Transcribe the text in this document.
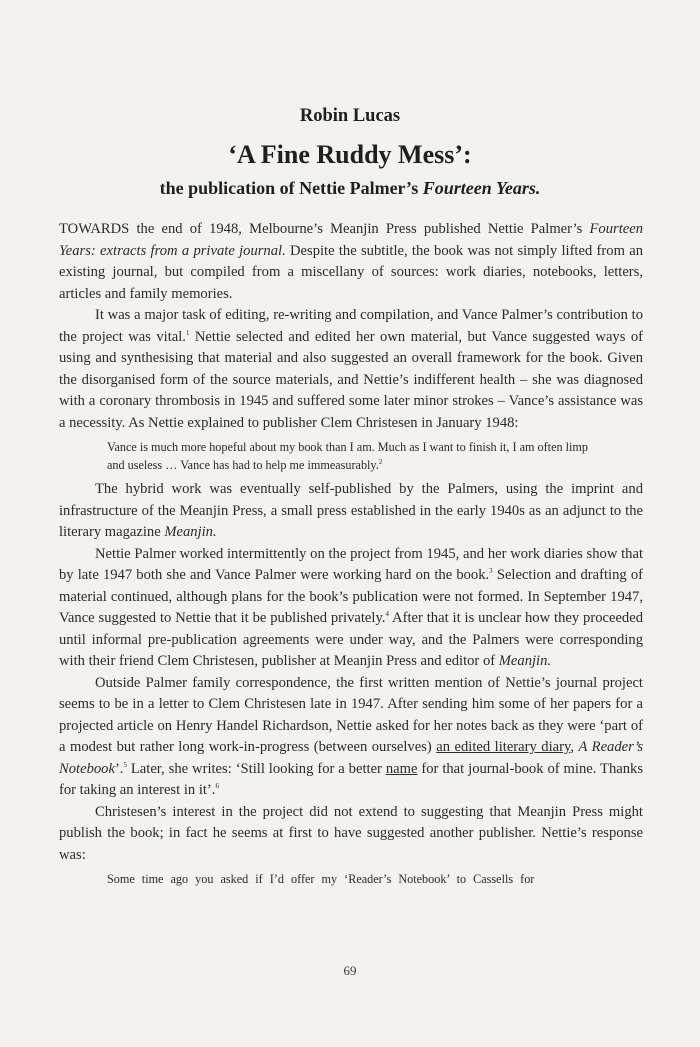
Robin Lucas
‘A Fine Ruddy Mess’:
the publication of Nettie Palmer’s Fourteen Years.

TOWARDS the end of 1948, Melbourne’s Meanjin Press published Nettie Palmer’s Fourteen Years: extracts from a private journal. Despite the subtitle, the book was not simply lifted from an existing journal, but compiled from a miscellany of sources: work diaries, notebooks, letters, articles and family memories.

It was a major task of editing, re-writing and compilation, and Vance Palmer’s contribution to the project was vital.$^1$ Nettie selected and edited her own material, but Vance suggested ways of using and synthesising that material and also suggested an overall framework for the book. Given the disorganised form of the source materials, and Nettie’s indifferent health – she was diagnosed with a coronary thrombosis in 1945 and suffered some later minor strokes – Vance’s assistance was a necessity. As Nettie explained to publisher Clem Christesen in January 1948:

Vance is much more hopeful about my book than I am. Much as I want to finish it, I am often limp and useless … Vance has had to help me immeasurably.$^2$

The hybrid work was eventually self-published by the Palmers, using the imprint and infrastructure of the Meanjin Press, a small press established in the early 1940s as an adjunct to the literary magazine Meanjin.

Nettie Palmer worked intermittently on the project from 1945, and her work diaries show that by late 1947 both she and Vance Palmer were working hard on the book.$^3$ Selection and drafting of material continued, although plans for the book’s publication were not formed. In September 1947, Vance suggested to Nettie that it be published privately.$^4$ After that it is unclear how they proceeded until informal pre-publication agreements were under way, and the Palmers were corresponding with their friend Clem Christesen, publisher at Meanjin Press and editor of Meanjin.

Outside Palmer family correspondence, the first written mention of Nettie’s journal project seems to be in a letter to Clem Christesen late in 1947. After sending him some of her papers for a projected article on Henry Handel Richardson, Nettie asked for her notes back as they were ‘part of a modest but rather long work-in-progress (between ourselves) an edited literary diary, A Reader’s Notebook’.$^5$ Later, she writes: ‘Still looking for a better name for that journal-book of mine. Thanks for taking an interest in it’.$^6$

Christesen’s interest in the project did not extend to suggesting that Meanjin Press might publish the book; in fact he seems at first to have suggested another publisher. Nettie’s response was:

Some time ago you asked if I’d offer my ‘Reader’s Notebook’ to Cassells for
69
